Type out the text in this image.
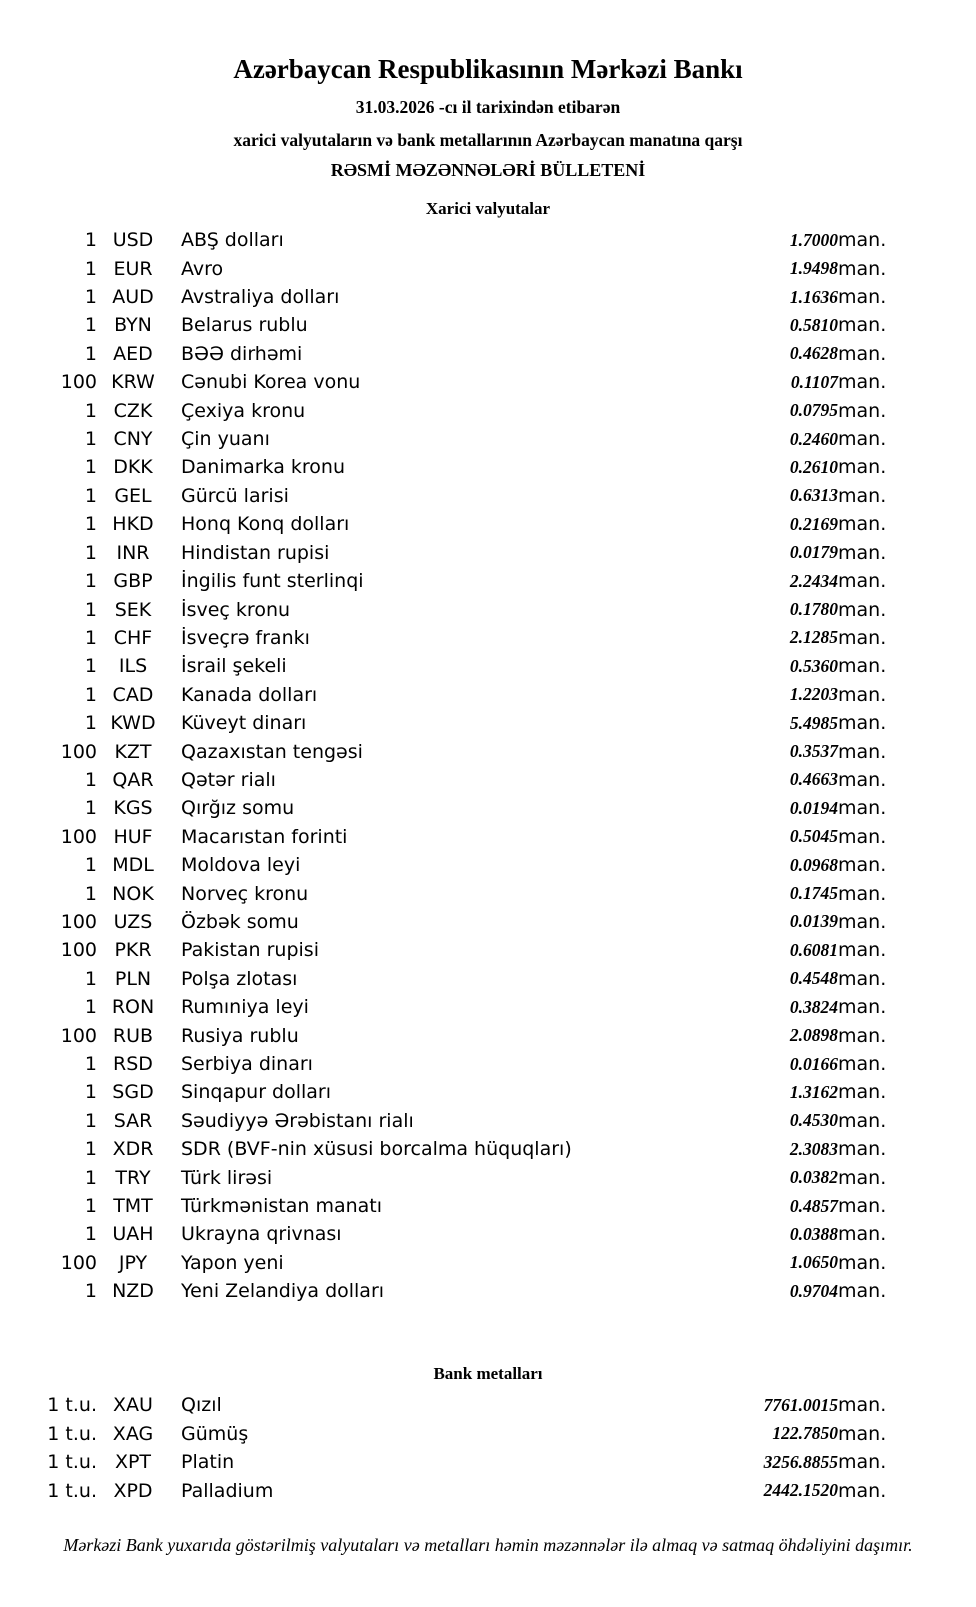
Azərbaycan Respublikasının Mərkəzi Bankı
31.03.2026 -cı il tarixindən etibarən
xarici valyutaların və bank metallarının Azərbaycan manatına qarşı
RƏSMİ MƏZƏNNƏLƏRİ BÜLLETENİ
Xarici valyutalar
1 USD	ABŞ dolları	1.7000 man.
1 EUR	Avro	1.9498 man.
1 AUD	Avstraliya dolları	1.1636 man.
1 BYN	Belarus rublu	0.5810 man.
1 AED	BƏƏ dirhəmi	0.4628 man.
100 KRW	Cənubi Korea vonu	0.1107 man.
1 CZK	Çexiya kronu	0.0795 man.
1 CNY	Çin yuanı	0.2460 man.
1 DKK	Danimarka kronu	0.2610 man.
1 GEL	Gürcü larisi	0.6313 man.
1 HKD	Honq Konq dolları	0.2169 man.
1	INR	Hindistan rupisi	0.0179 man.
1 GBP	İngilis funt sterlinqi	2.2434 man.
1 SEK	İsveç kronu	0.1780 man.
1 CHF	İsveçrə frankı	2.1285 man.
1	ILS	İsrail şekeli	0.5360 man.
1 CAD	Kanada dolları	1.2203 man.
1 KWD	Küveyt dinarı	5.4985 man.
100 KZT	Qazaxıstan tengəsi	0.3537 man.
1 QAR	Qətər rialı	0.4663 man.
1 KGS	Qırğız somu	0.0194 man.
100 HUF	Macarıstan forinti	0.5045 man.
1 MDL	Moldova leyi	0.0968 man.
1 NOK	Norveç kronu	0.1745 man.
100 UZS	Özbək somu	0.0139 man.
100 PKR	Pakistan rupisi	0.6081 man.
1 PLN	Polşa zlotası	0.4548 man.
1 RON	Rumıniya leyi	0.3824 man.
100 RUB	Rusiya rublu	2.0898 man.
1 RSD	Serbiya dinarı	0.0166 man.
1 SGD	Sinqapur dolları	1.3162 man.
1 SAR	Səudiyyə Ərəbistanı rialı	0.4530 man.
1 XDR	SDR (BVF-nin xüsusi borcalma hüquqları)	2.3083 man.
1 TRY	Türk lirəsi	0.0382 man.
1 TMT	Türkmənistan manatı	0.4857 man.
1 UAH	Ukrayna qrivnası	0.0388 man.
100	JPY	Yapon yeni	1.0650 man.
1 NZD	Yeni Zelandiya dolları	0.9704 man.
Bank metalları
1 t.u. XAU	Qızıl	7761.0015 man.
1 t.u. XAG	Gümüş	122.7850 man.
1 t.u. XPT	Platin	3256.8855 man.
1 t.u. XPD	Palladium	2442.1520 man.
Mərkəzi Bank yuxarıda göstərilmiş valyutaları və metalları həmin məzənnələr ilə almaq və satmaq öhdəliyini daşımır.
